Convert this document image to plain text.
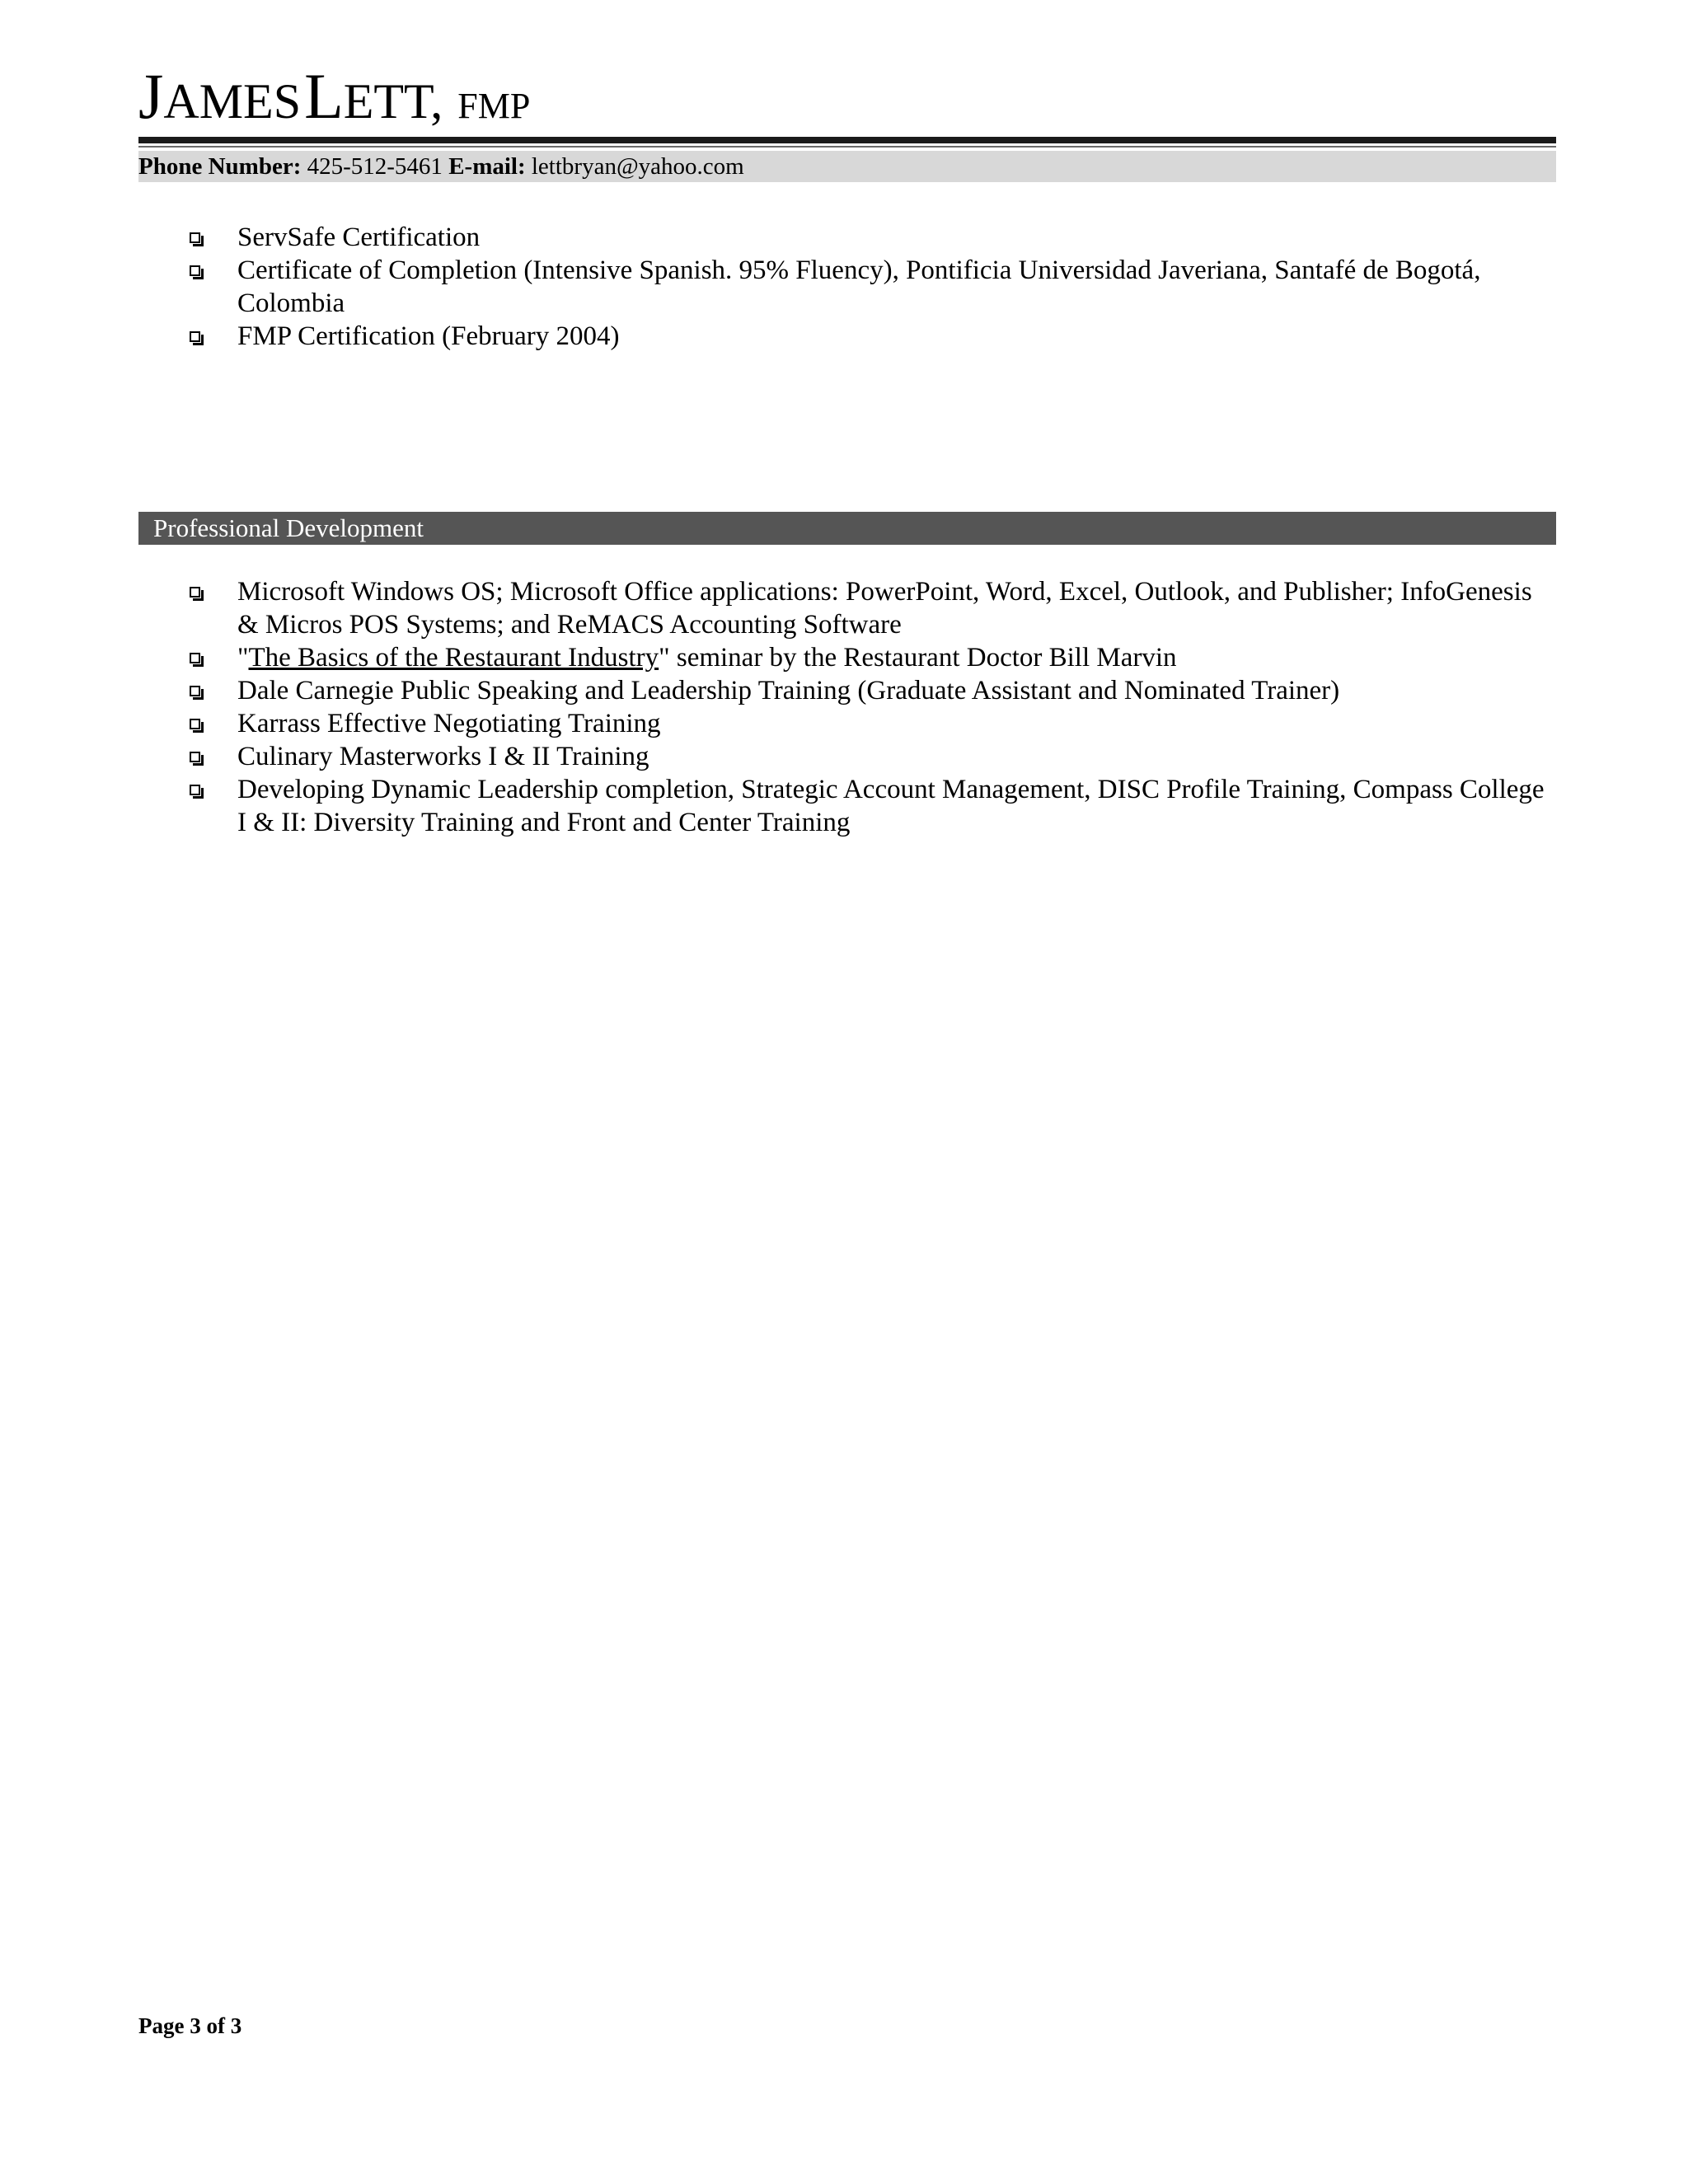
JAMES LETT, FMP
Phone Number: 425-512-5461 E-mail: lettbryan@yahoo.com
ServSafe Certification
Certificate of Completion (Intensive Spanish. 95% Fluency), Pontificia Universidad Javeriana, Santafé de Bogotá, Colombia
FMP Certification (February 2004)
Professional Development
Microsoft Windows OS; Microsoft Office applications: PowerPoint, Word, Excel, Outlook, and Publisher; InfoGenesis & Micros POS Systems; and ReMACS Accounting Software
"The Basics of the Restaurant Industry" seminar by the Restaurant Doctor Bill Marvin
Dale Carnegie Public Speaking and Leadership Training (Graduate Assistant and Nominated Trainer)
Karrass Effective Negotiating Training
Culinary Masterworks I & II Training
Developing Dynamic Leadership completion, Strategic Account Management, DISC Profile Training, Compass College I & II: Diversity Training and Front and Center Training
Page 3 of 3
